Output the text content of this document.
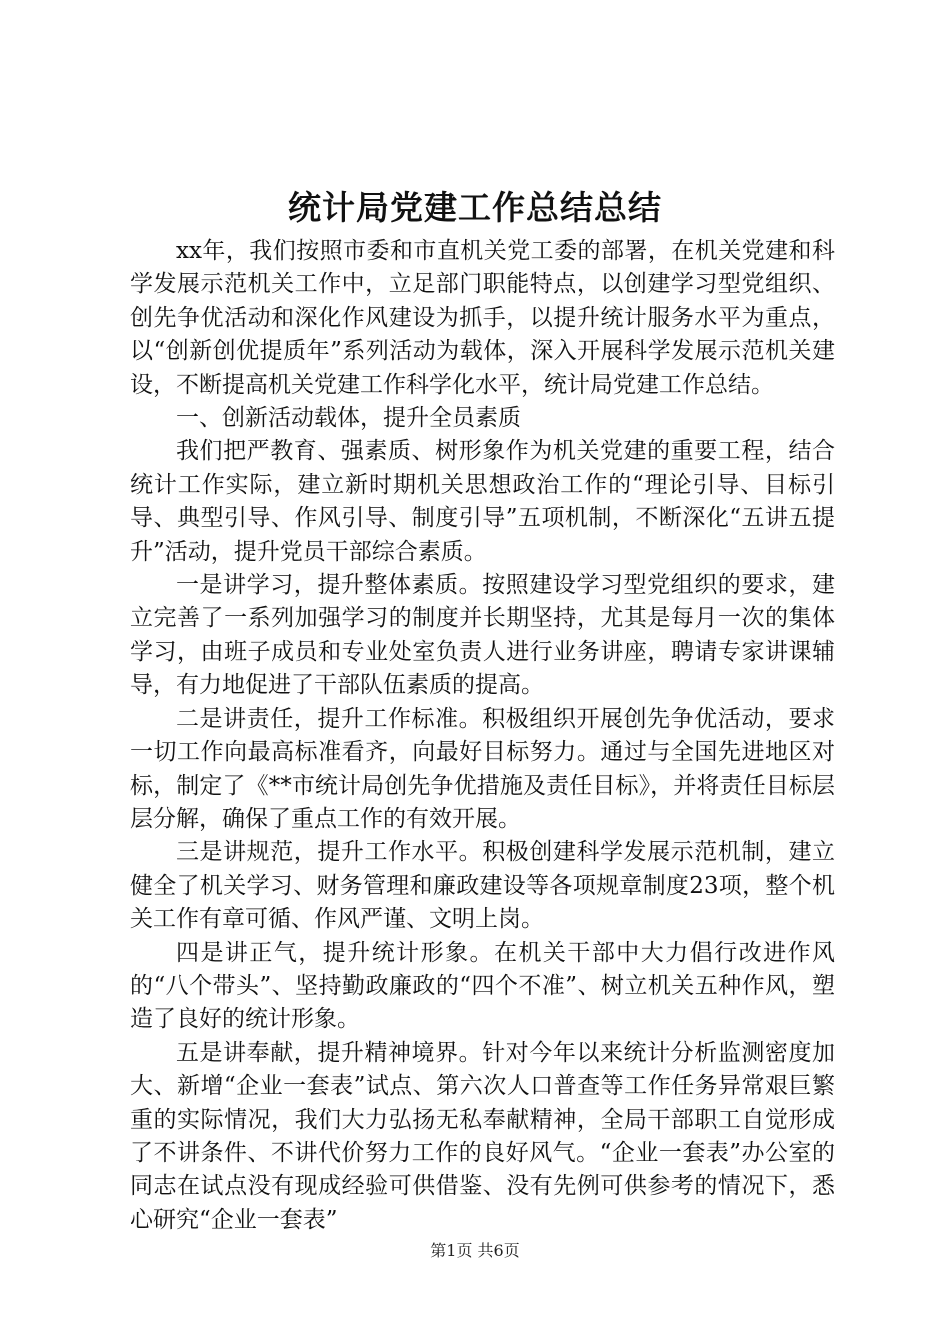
统计局党建工作总结总结

xx年，我们按照市委和市直机关党工委的部署，在机关党建和科学发展示范机关工作中，立足部门职能特点，以创建学习型党组织、创先争优活动和深化作风建设为抓手，以提升统计服务水平为重点，以“创新创优提质年”系列活动为载体，深入开展科学发展示范机关建设，不断提高机关党建工作科学化水平，统计局党建工作总结。

一、创新活动载体，提升全员素质

我们把严教育、强素质、树形象作为机关党建的重要工程，结合统计工作实际，建立新时期机关思想政治工作的“理论引导、目标引导、典型引导、作风引导、制度引导”五项机制，不断深化“五讲五提升”活动，提升党员干部综合素质。

一是讲学习，提升整体素质。按照建设学习型党组织的要求，建立完善了一系列加强学习的制度并长期坚持，尤其是每月一次的集体学习，由班子成员和专业处室负责人进行业务讲座，聘请专家讲课辅导，有力地促进了干部队伍素质的提高。

二是讲责任，提升工作标准。积极组织开展创先争优活动，要求一切工作向最高标准看齐，向最好目标努力。通过与全国先进地区对标，制定了《**市统计局创先争优措施及责任目标》，并将责任目标层层分解，确保了重点工作的有效开展。

三是讲规范，提升工作水平。积极创建科学发展示范机制，建立健全了机关学习、财务管理和廉政建设等各项规章制度23项，整个机关工作有章可循、作风严谨、文明上岗。

四是讲正气，提升统计形象。在机关干部中大力倡行改进作风的“八个带头”、坚持勤政廉政的“四个不准”、树立机关五种作风，塑造了良好的统计形象。

五是讲奉献，提升精神境界。针对今年以来统计分析监测密度加大、新增“企业一套表”试点、第六次人口普查等工作任务异常艰巨繁重的实际情况，我们大力弘扬无私奉献精神，全局干部职工自觉形成了不讲条件、不讲代价努力工作的良好风气。“企业一套表”办公室的同志在试点没有现成经验可供借鉴、没有先例可供参考的情况下，悉心研究“企业一套表”

第1页 共6页
